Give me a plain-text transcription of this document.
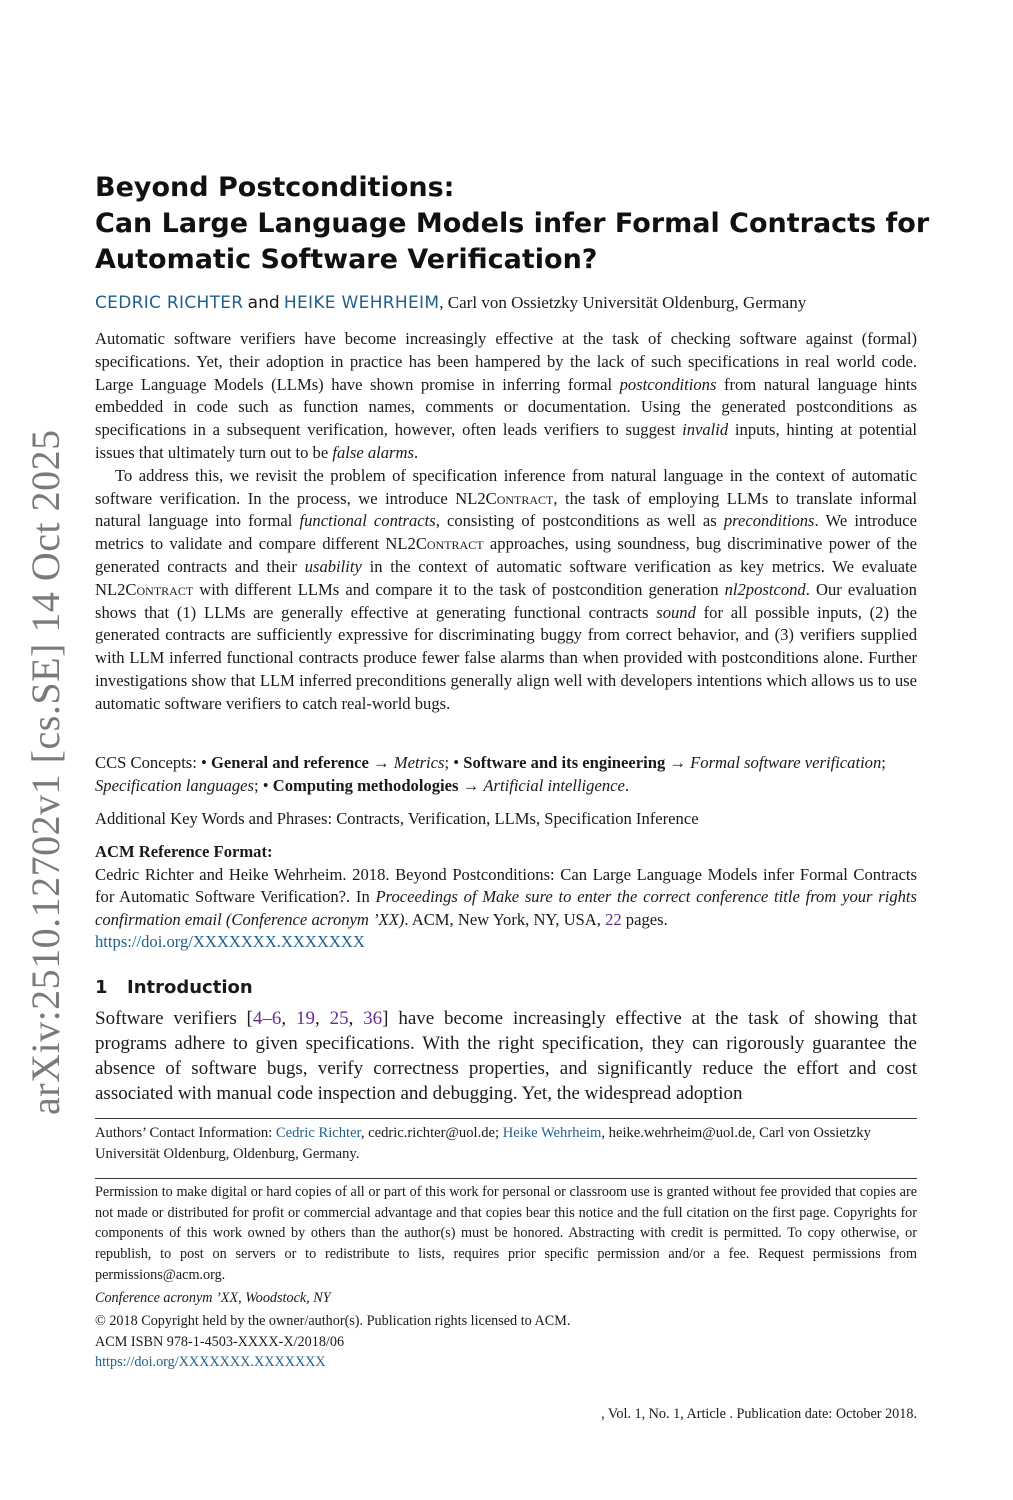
arXiv:2510.12702v1 [cs.SE] 14 Oct 2025
Beyond Postconditions:
Can Large Language Models infer Formal Contracts for
Automatic Software Verification?
CEDRIC RICHTER and HEIKE WEHRHEIM, Carl von Ossietzky Universität Oldenburg, Germany

Automatic software verifiers have become increasingly effective at the task of checking software against (formal) specifications. Yet, their adoption in practice has been hampered by the lack of such specifications in real world code. Large Language Models (LLMs) have shown promise in inferring formal postconditions from natural language hints embedded in code such as function names, comments or documentation. Using the generated postconditions as specifications in a subsequent verification, however, often leads verifiers to suggest invalid inputs, hinting at potential issues that ultimately turn out to be false alarms.

To address this, we revisit the problem of specification inference from natural language in the context of automatic software verification. In the process, we introduce NL2Contract, the task of employing LLMs to translate informal natural language into formal functional contracts, consisting of postconditions as well as preconditions. We introduce metrics to validate and compare different NL2Contract approaches, using soundness, bug discriminative power of the generated contracts and their usability in the context of automatic software verification as key metrics. We evaluate NL2Contract with different LLMs and compare it to the task of postcondition generation nl2postcond. Our evaluation shows that (1) LLMs are generally effective at generating functional contracts sound for all possible inputs, (2) the generated contracts are sufficiently expressive for discriminating buggy from correct behavior, and (3) verifiers supplied with LLM inferred functional contracts produce fewer false alarms than when provided with postconditions alone. Further investigations show that LLM inferred preconditions generally align well with developers intentions which allows us to use automatic software verifiers to catch real-world bugs.

CCS Concepts: • General and reference → Metrics; • Software and its engineering → Formal software verification; Specification languages; • Computing methodologies → Artificial intelligence.
Additional Key Words and Phrases: Contracts, Verification, LLMs, Specification Inference
ACM Reference Format:
Cedric Richter and Heike Wehrheim. 2018. Beyond Postconditions: Can Large Language Models infer Formal Contracts for Automatic Software Verification?. In Proceedings of Make sure to enter the correct conference title from your rights confirmation email (Conference acronym ’XX). ACM, New York, NY, USA, 22 pages.
https://doi.org/XXXXXXX.XXXXXXX
1 Introduction
Software verifiers [4–6, 19, 25, 36] have become increasingly effective at the task of showing that programs adhere to given specifications. With the right specification, they can rigorously guarantee the absence of software bugs, verify correctness properties, and significantly reduce the effort and cost associated with manual code inspection and debugging. Yet, the widespread adoption
Authors’ Contact Information: Cedric Richter, cedric.richter@uol.de; Heike Wehrheim, heike.wehrheim@uol.de, Carl von Ossietzky Universität Oldenburg, Oldenburg, Germany.
Permission to make digital or hard copies of all or part of this work for personal or classroom use is granted without fee provided that copies are not made or distributed for profit or commercial advantage and that copies bear this notice and the full citation on the first page. Copyrights for components of this work owned by others than the author(s) must be honored. Abstracting with credit is permitted. To copy otherwise, or republish, to post on servers or to redistribute to lists, requires prior specific permission and/or a fee. Request permissions from permissions@acm.org.
Conference acronym ’XX, Woodstock, NY
© 2018 Copyright held by the owner/author(s). Publication rights licensed to ACM.
ACM ISBN 978-1-4503-XXXX-X/2018/06
https://doi.org/XXXXXXX.XXXXXXX
, Vol. 1, No. 1, Article . Publication date: October 2018.
